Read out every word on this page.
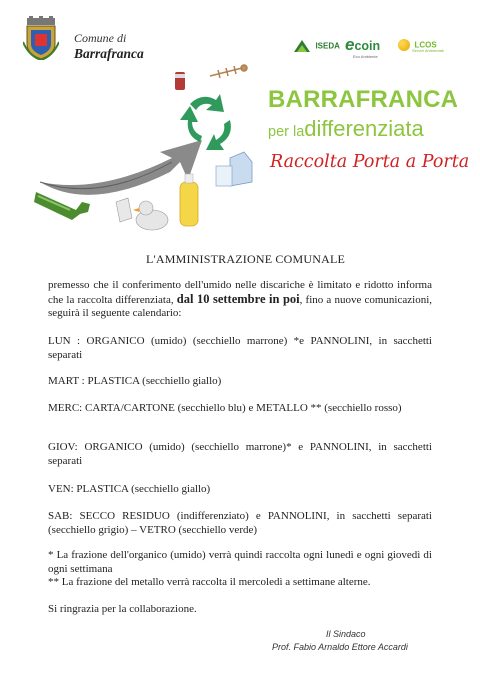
Comune di
Barrafranca
ISEDA ecoin
Eco Ambiente
LCOS
Servizi Ambientali
BARRAFRANCA
per ladifferenziata
Raccolta Porta a Porta
L'AMMINISTRAZIONE COMUNALE
premesso che il conferimento dell'umido nelle discariche è limitato e ridotto informa che la raccolta differenziata, dal 10 settembre in poi, fino a nuove comunicazioni, seguirà il seguente calendario:
LUN : ORGANICO (umido) (secchiello marrone) *e PANNOLINI, in sacchetti separati
MART : PLASTICA (secchiello giallo)
MERC: CARTA/CARTONE (secchiello blu) e METALLO ** (secchiello rosso)
GIOV: ORGANICO (umido) (secchiello marrone)* e PANNOLINI, in sacchetti separati
VEN: PLASTICA (secchiello giallo)
SAB: SECCO RESIDUO (indifferenziato) e PANNOLINI, in sacchetti separati (secchiello grigio) – VETRO (secchiello verde)
* La frazione dell'organico (umido) verrà quindi raccolta ogni lunedì e ogni giovedì di ogni settimana
** La frazione del metallo verrà raccolta il mercoledì a settimane alterne.
Si ringrazia per la collaborazione.
Il Sindaco
Prof. Fabio Arnaldo Ettore Accardi
